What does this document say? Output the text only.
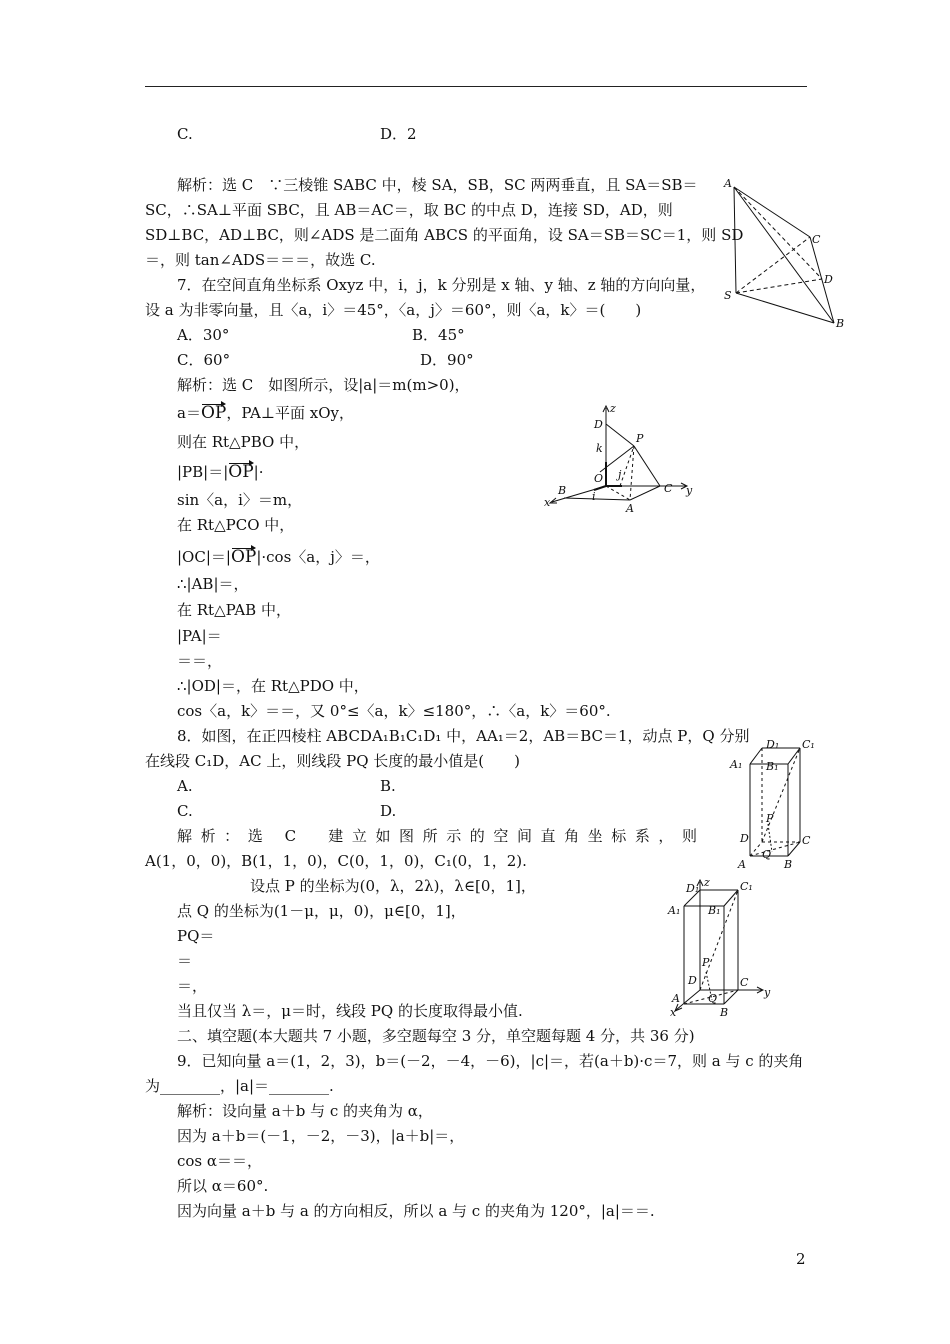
C.	D．2
解析：选 C　∵三棱锥 SABC 中，棱 SA，SB，SC 两两垂直，且 SA＝SB＝
SC，∴SA⊥平面 SBC，且 AB＝AC＝，取 BC 的中点 D，连接 SD，AD，则
SD⊥BC，AD⊥BC，则∠ADS 是二面角 ABCS 的平面角，设 SA＝SB＝SC＝1，则 SD
＝，则 tan∠ADS＝＝＝，故选 C.
7．在空间直角坐标系 Oxyz 中，i，j，k 分别是 x 轴、y 轴、z 轴的方向向量，
设 a 为非零向量，且〈a，i〉＝45°，〈a，j〉＝60°，则〈a，k〉＝(　　)
A．30°	B．45°
C．60°	D．90°
解析：选 C　如图所示，设|a|＝m(m>0)，
a＝OP，PA⊥平面 xOy，
则在 Rt△PBO 中，
|PB|＝|OP|·
sin〈a，i〉＝m，
在 Rt△PCO 中，
|OC|＝|OP|·cos〈a，j〉＝，
∴|AB|＝，
在 Rt△PAB 中，
|PA|＝
＝＝，
∴|OD|＝，在 Rt△PDO 中，
cos〈a，k〉＝＝，又 0°≤〈a，k〉≤180°，∴〈a，k〉＝60°.
8．如图，在正四棱柱 ABCDA₁B₁C₁D₁ 中，AA₁＝2，AB＝BC＝1，动点 P，Q 分别
在线段 C₁D，AC 上，则线段 PQ 长度的最小值是(　　)
A.	B.
C.	D.
解析：选 C　建立如图所示的空间直角坐标系，则
A(1，0，0)，B(1，1，0)，C(0，1，0)，C₁(0，1，2).
设点 P 的坐标为(0，λ，2λ)，λ∈[0，1]，
点 Q 的坐标为(1－μ，μ，0)，μ∈[0，1]，
PQ＝
＝
＝，
当且仅当 λ＝，μ＝时，线段 PQ 的长度取得最小值.
二、填空题(本大题共 7 小题，多空题每空 3 分，单空题每题 4 分，共 36 分)
9．已知向量 a＝(1，2，3)，b＝(－2，－4，－6)，|c|＝，若(a＋b)·c＝7，则 a 与 c 的夹角
为________，|a|＝________.
解析：设向量 a＋b 与 c 的夹角为 α，
因为 a＋b＝(－1，－2，－3)，|a＋b|＝，
cos α＝＝，
所以 α＝60°.
因为向量 a＋b 与 a 的方向相反，所以 a 与 c 的夹角为 120°，|a|＝＝.
2
A
C
D
S
B
z
D
k
P
O j
B i
C y
x	A
D₁ C₁
A₁ B₁
P
D	C
Q
A	B
D₁ z	C₁
A₁	B₁
P
D	C
Q	y
A
x	B
